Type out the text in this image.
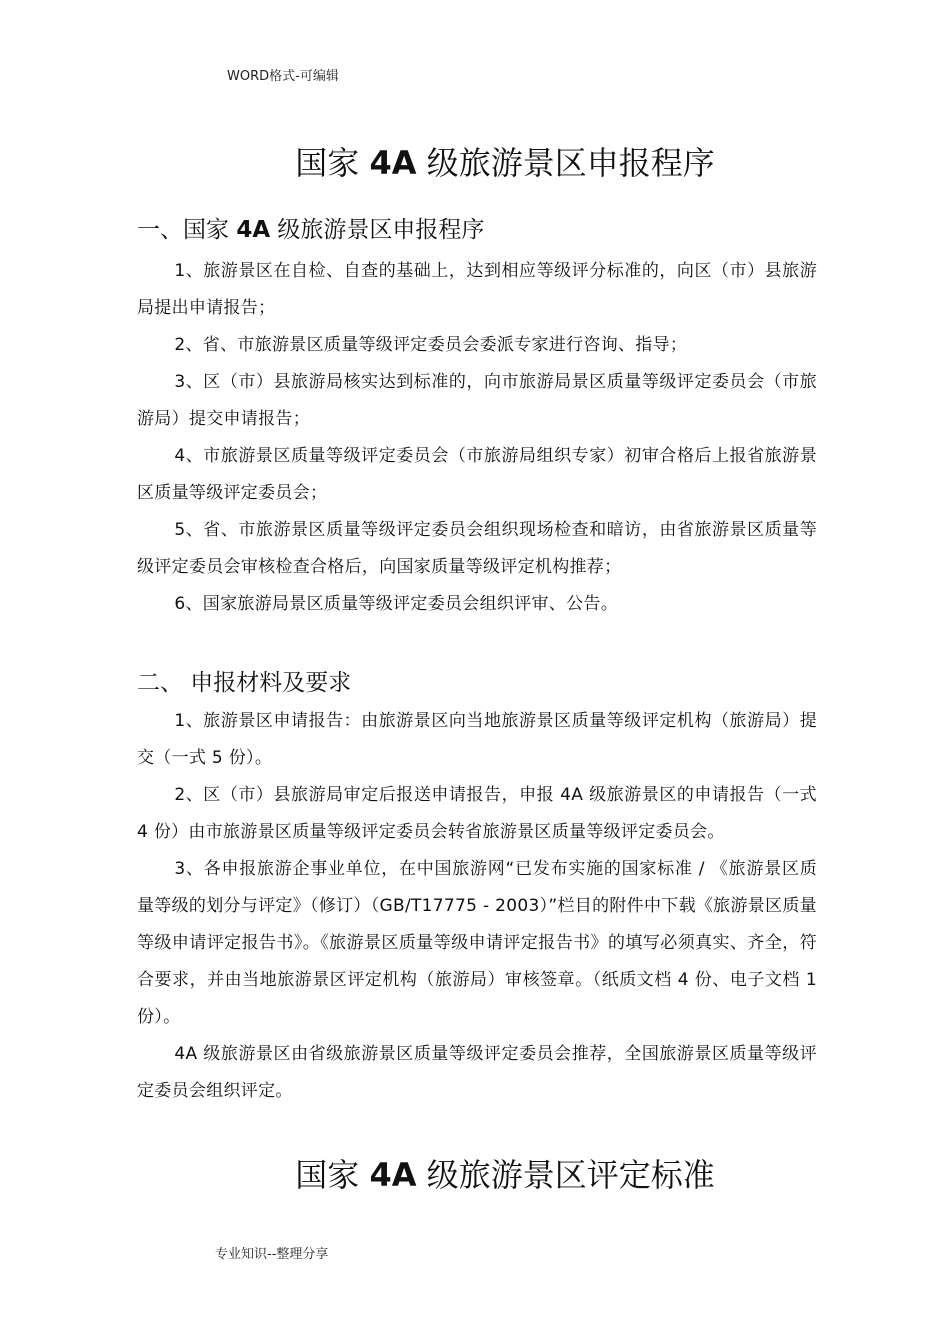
WORD格式-可编辑
国家 4A 级旅游景区申报程序
一、国家 4A 级旅游景区申报程序

1、旅游景区在自检、自查的基础上，达到相应等级评分标准的，向区（市）县旅游局提出申请报告；

2、省、市旅游景区质量等级评定委员会委派专家进行咨询、指导；

3、区（市）县旅游局核实达到标准的，向市旅游局景区质量等级评定委员会（市旅游局）提交申请报告；

4、市旅游景区质量等级评定委员会（市旅游局组织专家）初审合格后上报省旅游景区质量等级评定委员会；

5、省、市旅游景区质量等级评定委员会组织现场检查和暗访，由省旅游景区质量等级评定委员会审核检查合格后，向国家质量等级评定机构推荐；

6、国家旅游局景区质量等级评定委员会组织评审、公告。

二、 申报材料及要求

1、旅游景区申请报告：由旅游景区向当地旅游景区质量等级评定机构（旅游局）提交（一式 5 份）。

2、区（市）县旅游局审定后报送申请报告，申报 4A 级旅游景区的申请报告（一式 4 份）由市旅游景区质量等级评定委员会转省旅游景区质量等级评定委员会。

3、各申报旅游企事业单位，在中国旅游网“已发布实施的国家标准 / 《旅游景区质量等级的划分与评定》（修订）（GB/T17775 - 2003）”栏目的附件中下载《旅游景区质量等级申请评定报告书》。《旅游景区质量等级申请评定报告书》的填写必须真实、齐全，符合要求，并由当地旅游景区评定机构（旅游局）审核签章。（纸质文档 4 份、电子文档 1 份）。

4A 级旅游景区由省级旅游景区质量等级评定委员会推荐，全国旅游景区质量等级评定委员会组织评定。

国家 4A 级旅游景区评定标准
专业知识--整理分享
